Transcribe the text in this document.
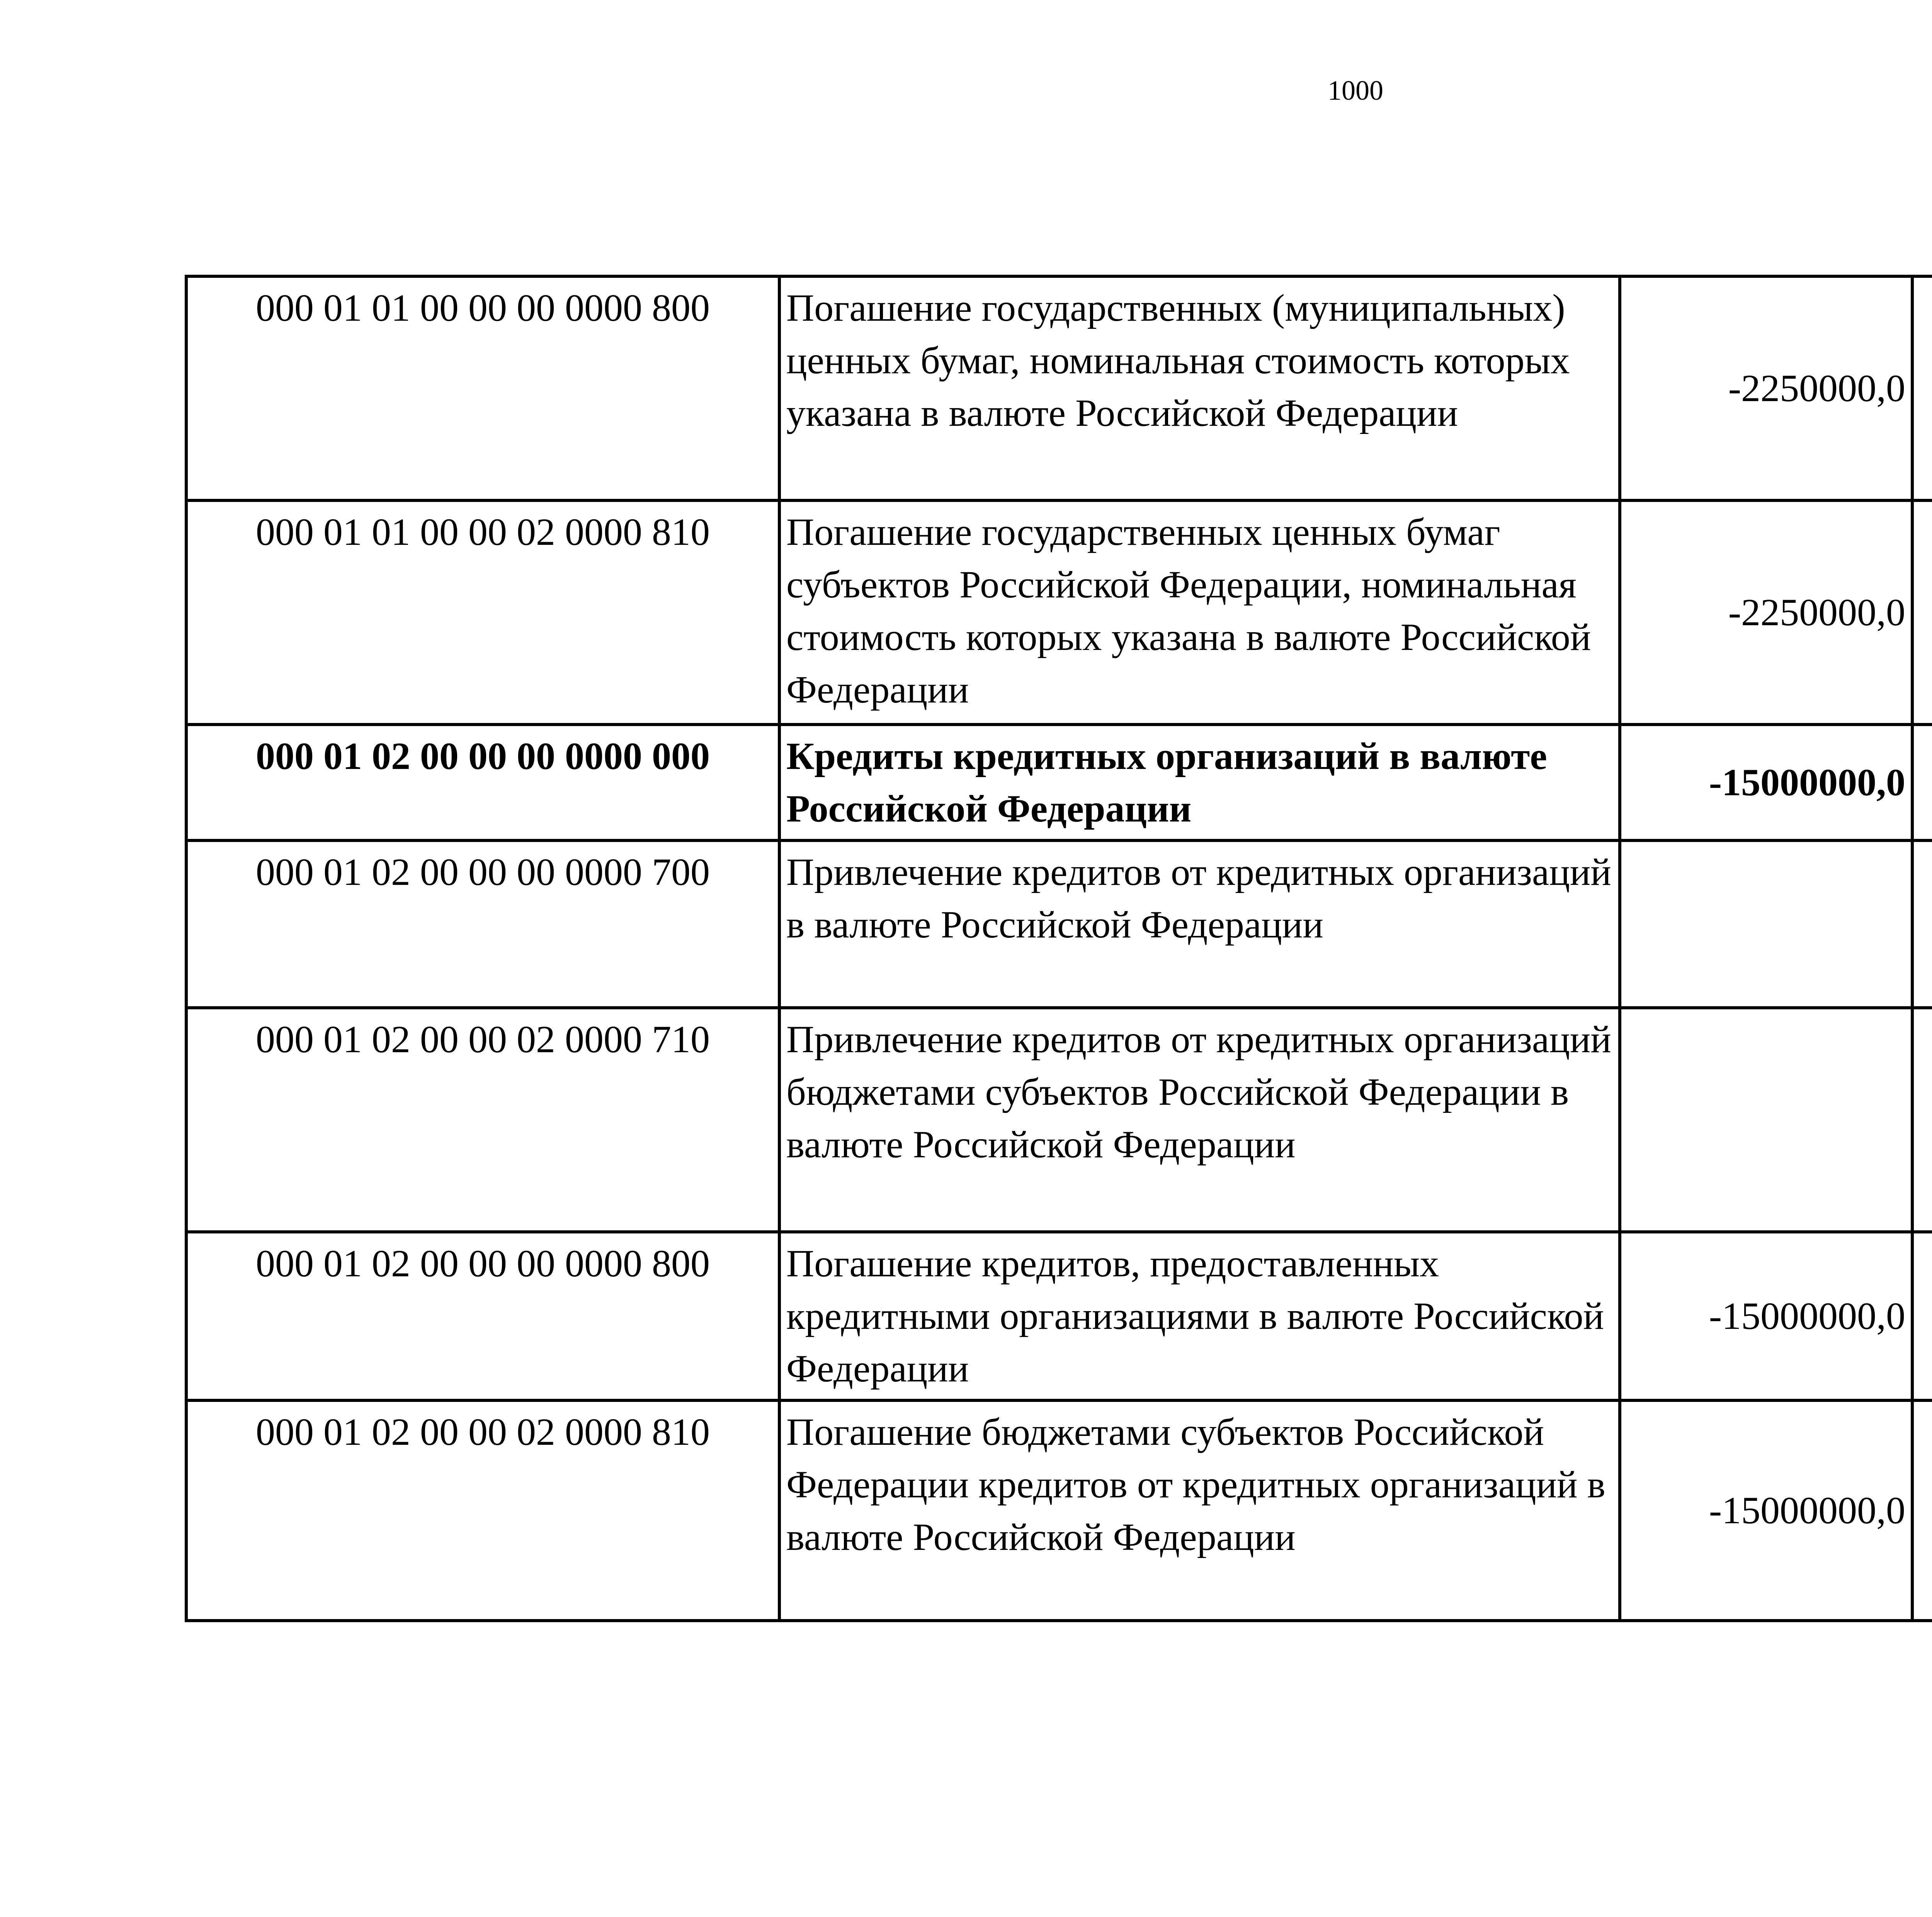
1000
000 01 01 00 00 00 0000 800	Погашение государственных (муниципальных) ценных бумаг, номинальная стоимость которых указана в валюте Российской Федерации	-2250000,0		
000 01 01 00 00 02 0000 810	Погашение государственных ценных бумаг субъектов Российской Федерации, номинальная стоимость которых указана в валюте Российской Федерации	-2250000,0		
000 01 02 00 00 00 0000 000	Кредиты кредитных организаций в валюте Российской Федерации	-15000000,0		
000 01 02 00 00 00 0000 700	Привлечение кредитов от кредитных организаций в валюте Российской Федерации			
000 01 02 00 00 02 0000 710	Привлечение кредитов от кредитных организаций бюджетами субъектов Российской Федерации в валюте Российской Федерации			
000 01 02 00 00 00 0000 800	Погашение кредитов, предоставленных кредитными организациями в валюте Российской Федерации	-15000000,0		
000 01 02 00 00 02 0000 810	Погашение бюджетами субъектов Российской Федерации кредитов от кредитных организаций в валюте Российской Федерации	-15000000,0		
